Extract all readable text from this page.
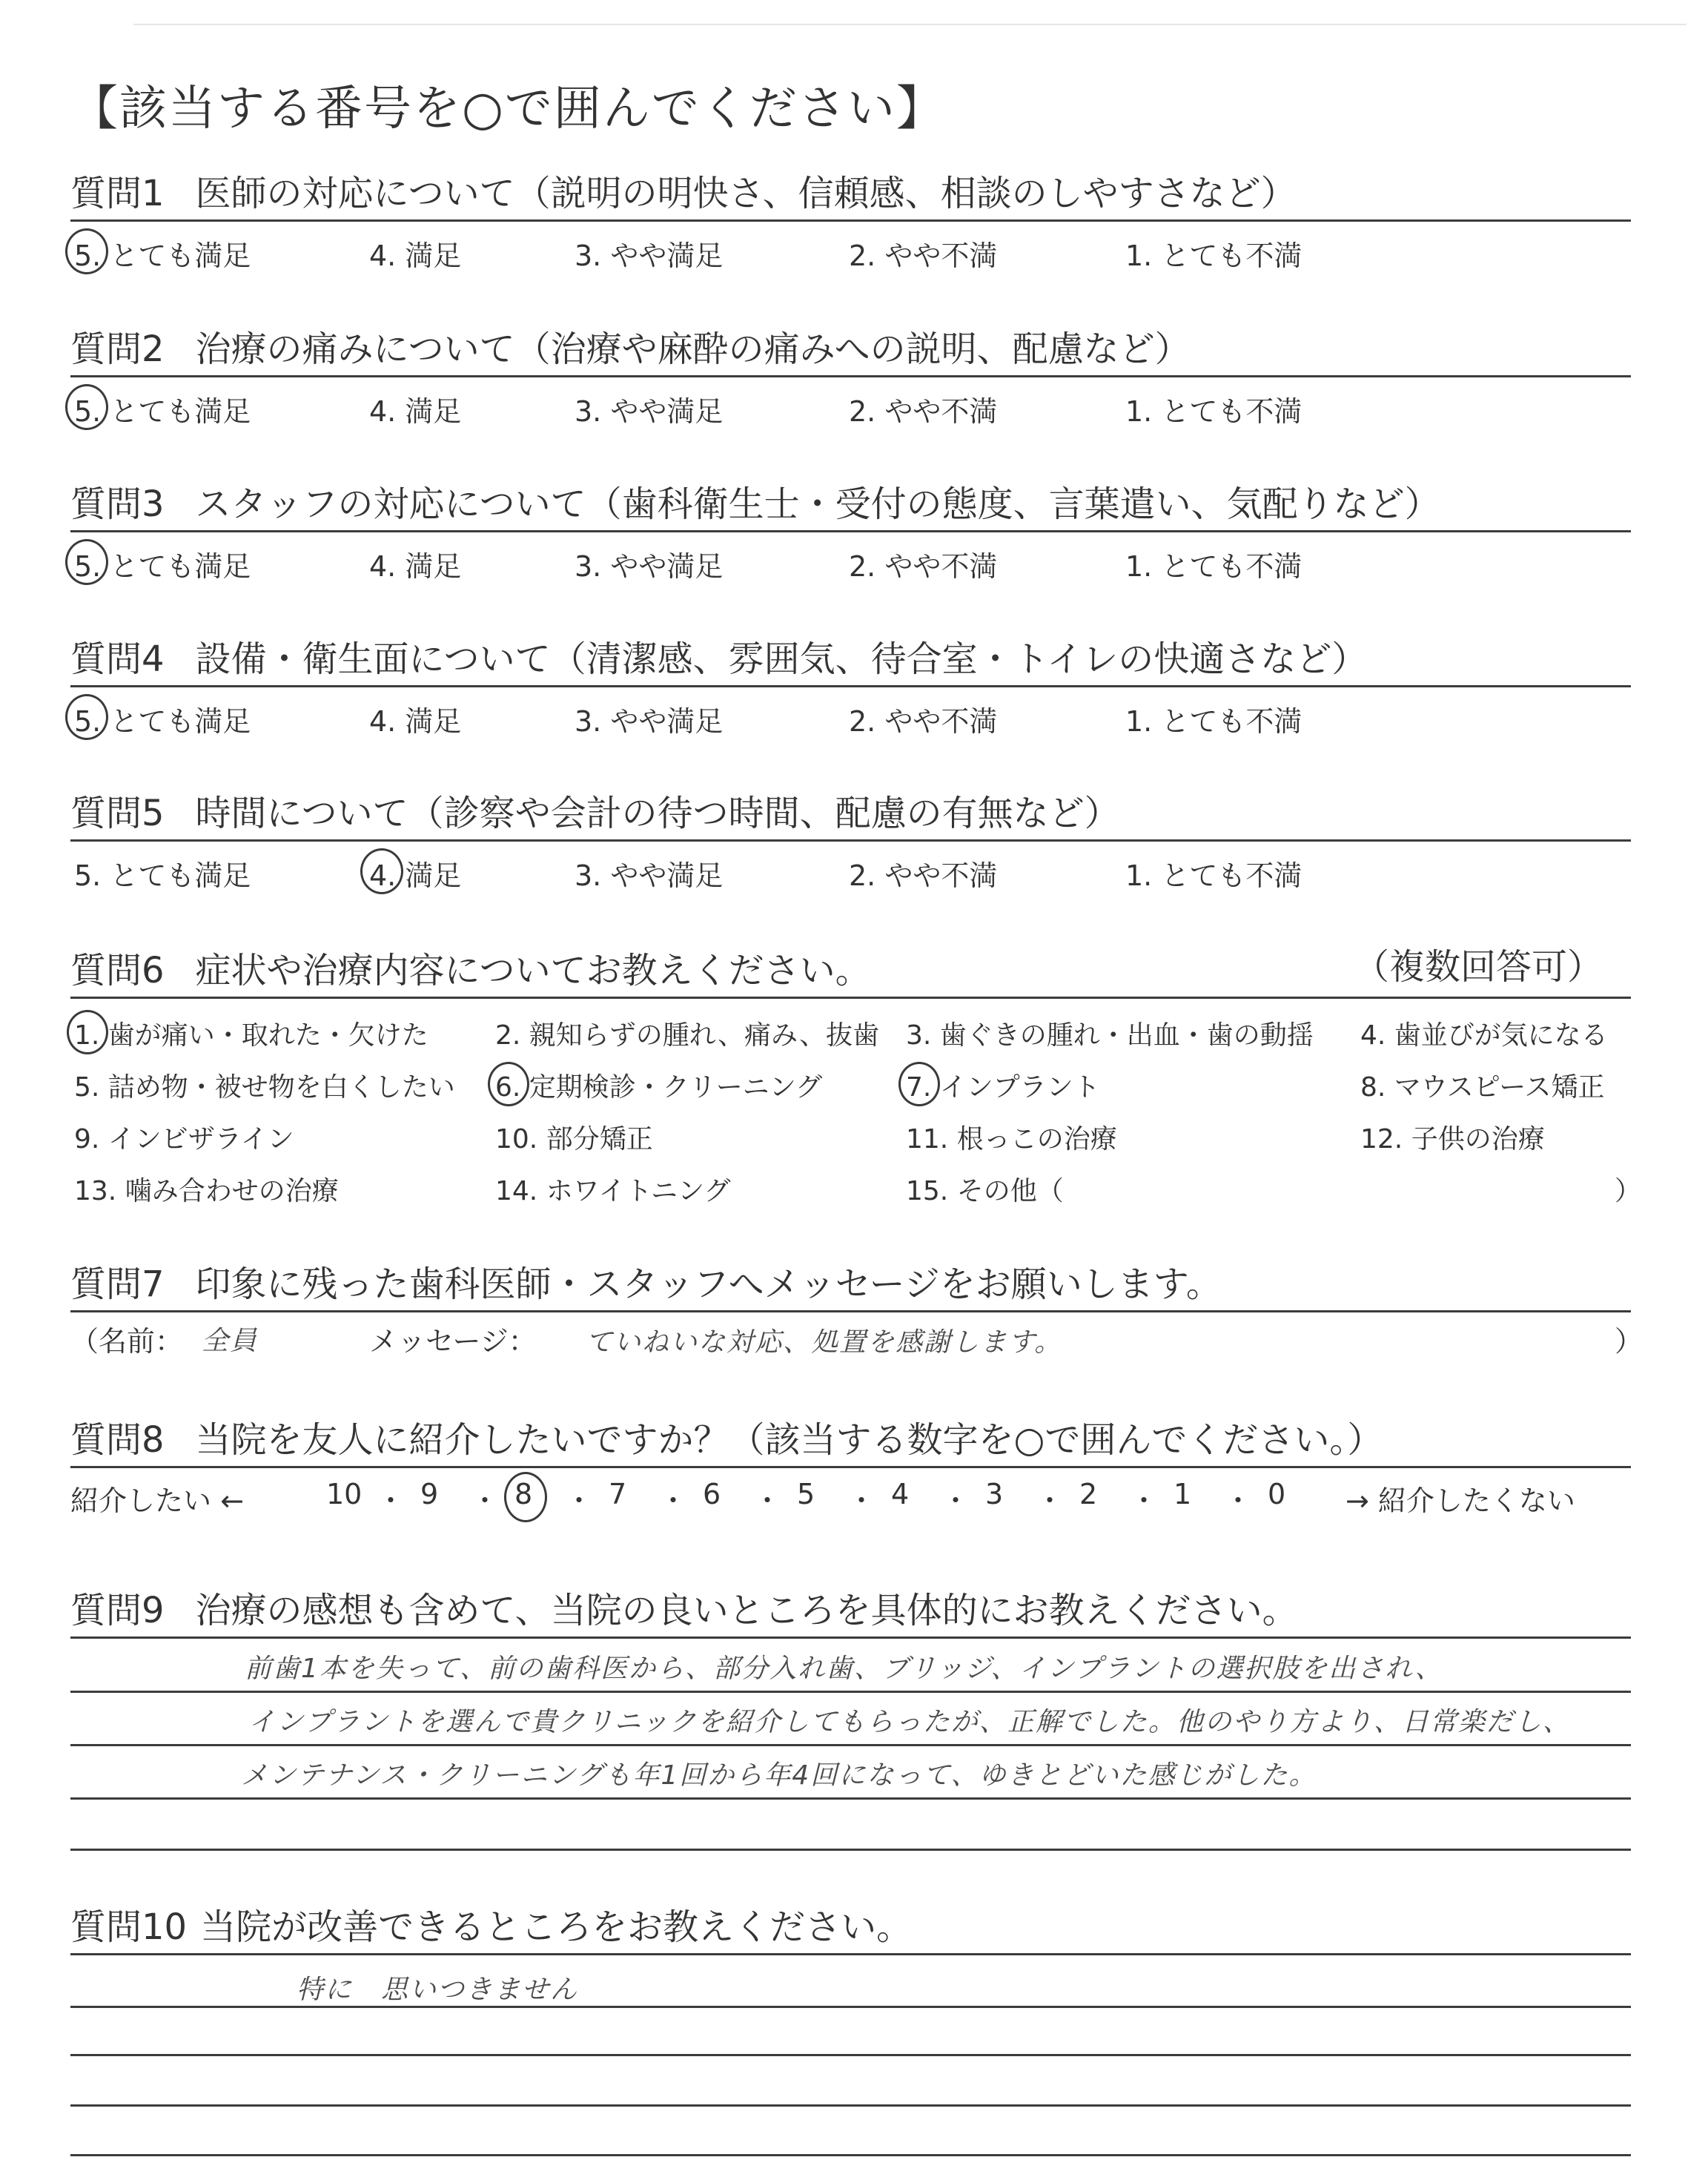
【該当する番号を○で囲んでください】
質問1 医師の対応について（説明の明快さ、信頼感、相談のしやすさなど）
5. とても満足	4. 満足	3. やや満足	2. やや不満	1. とても不満
質問2 治療の痛みについて（治療や麻酔の痛みへの説明、配慮など）
5. とても満足	4. 満足	3. やや満足	2. やや不満	1. とても不満
質問3 スタッフの対応について（歯科衛生士・受付の態度、言葉遣い、気配りなど）
5. とても満足	4. 満足	3. やや満足	2. やや不満	1. とても不満
質問4 設備・衛生面について（清潔感、雰囲気、待合室・トイレの快適さなど）
5. とても満足	4. 満足	3. やや満足	2. やや不満	1. とても不満
質問5 時間について（診察や会計の待つ時間、配慮の有無など）
5. とても満足	4. 満足	3. やや満足	2. やや不満	1. とても不満
質問6 症状や治療内容についてお教えください。	（複数回答可）
1. 歯が痛い・取れた・欠けた	2. 親知らずの腫れ、痛み、抜歯 3. 歯ぐきの腫れ・出血・歯の動揺 4. 歯並びが気になる
5. 詰め物・被せ物を白くしたい 6. 定期検診・クリーニング	7. インプラント	8. マウスピース矯正
9. インビザライン	10. 部分矯正	11. 根っこの治療	12. 子供の治療
13. 噛み合わせの治療	14. ホワイトニング	15. その他（	）
質問7 印象に残った歯科医師・スタッフへメッセージをお願いします。
（名前： 全員	メッセージ： ていねいな対応、処置を感謝します。	）
質問8 当院を友人に紹介したいですか？（該当する数字を○で囲んでください。）
紹介したい ←	10 ・ 9 ・ 8 ・ 7 ・ 6 ・ 5 ・ 4 ・ 3 ・ 2 ・ 1 ・ 0 → 紹介したくない
質問9 治療の感想も含めて、当院の良いところを具体的にお教えください。
前歯1本を失って、前の歯科医から、部分入れ歯、ブリッジ、インプラントの選択肢を出され、
インプラントを選んで貴クリニックを紹介してもらったが、正解でした。他のやり方より、日常楽だし、
メンテナンス・クリーニングも年1回から年4回になって、ゆきとどいた感じがした。
質問10 当院が改善できるところをお教えください。
特に　思いつきません
